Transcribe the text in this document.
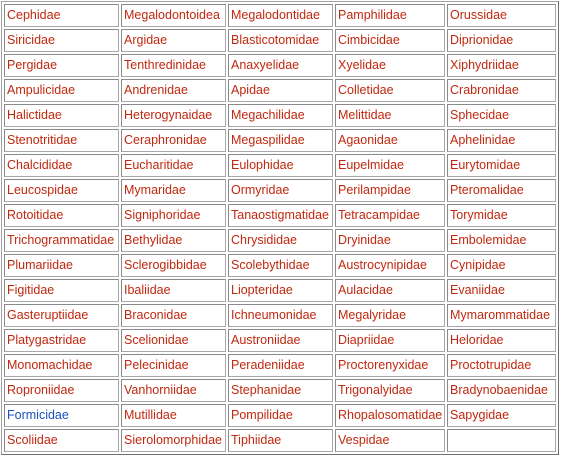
Cephidae	Megalodontoidea	Megalodontidae	Pamphilidae	Orussidae
Siricidae	Argidae	Blasticotomidae	Cimbicidae	Diprionidae
Pergidae	Tenthredinidae	Anaxyelidae	Xyelidae	Xiphydriidae
Ampulicidae	Andrenidae	Apidae	Colletidae	Crabronidae
Halictidae	Heterogynaidae	Megachilidae	Melittidae	Sphecidae
Stenotritidae	Ceraphronidae	Megaspilidae	Agaonidae	Aphelinidae
Chalcididae	Eucharitidae	Eulophidae	Eupelmidae	Eurytomidae
Leucospidae	Mymaridae	Ormyridae	Perilampidae	Pteromalidae
Rotoitidae	Signiphoridae	Tanaostigmatidae	Tetracampidae	Torymidae
Trichogrammatidae	Bethylidae	Chrysididae	Dryinidae	Embolemidae
Plumariidae	Sclerogibbidae	Scolebythidae	Austrocynipidae	Cynipidae
Figitidae	Ibaliidae	Liopteridae	Aulacidae	Evaniidae
Gasteruptiidae	Braconidae	Ichneumonidae	Megalyridae	Mymarommatidae
Platygastridae	Scelionidae	Austroniidae	Diapriidae	Heloridae
Monomachidae	Pelecinidae	Peradeniidae	Proctorenyxidae	Proctotrupidae
Roproniidae	Vanhorniidae	Stephanidae	Trigonalyidae	Bradynobaenidae
Formicidae	Mutillidae	Pompilidae	Rhopalosomatidae	Sapygidae
Scoliidae	Sierolomorphidae	Tiphiidae	Vespidae	
